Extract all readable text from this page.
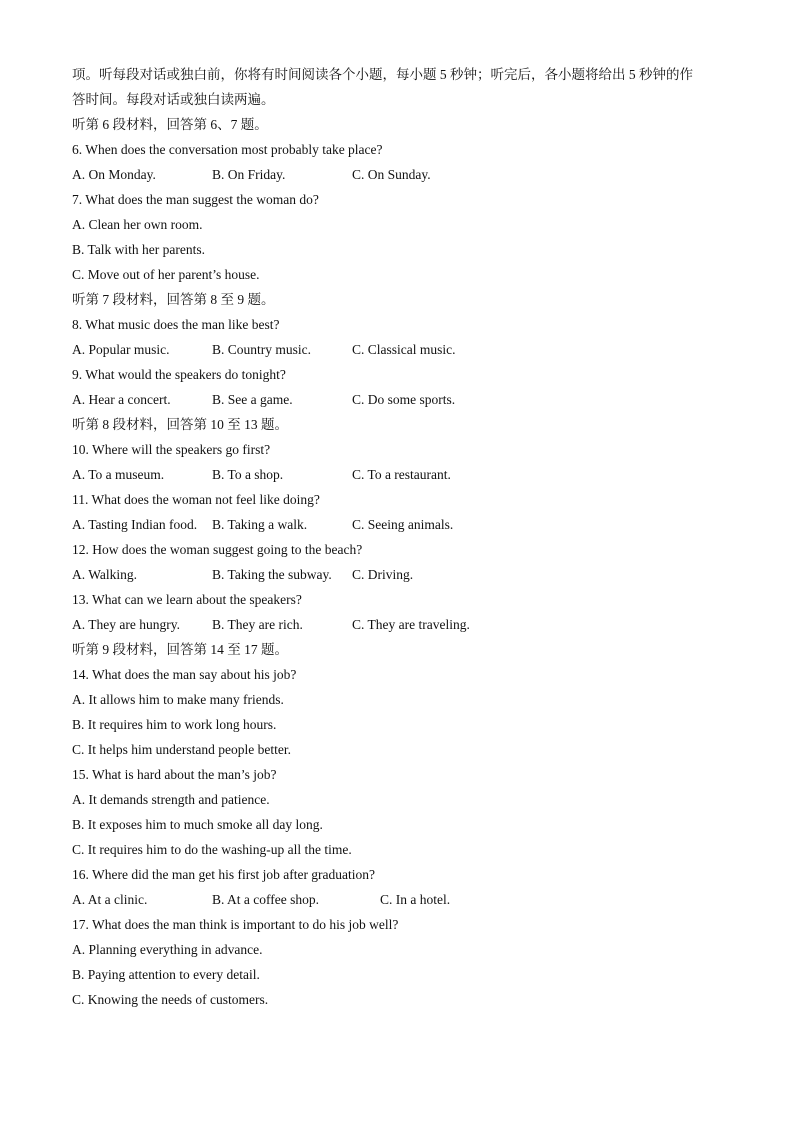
项。听每段对话或独白前，你将有时间阅读各个小题，每小题 5 秒钟；听完后，各小题将给出 5 秒钟的作
答时间。每段对话或独白读两遍。
听第 6 段材料，回答第 6、7 题。
6. When does the conversation most probably take place?
A. On Monday.	B. On Friday.	C. On Sunday.
7. What does the man suggest the woman do?
A. Clean her own room.
B. Talk with her parents.
C. Move out of her parent’s house.
听第 7 段材料，回答第 8 至 9 题。
8. What music does the man like best?
A. Popular music.	B. Country music.	C. Classical music.
9. What would the speakers do tonight?
A. Hear a concert.	B. See a game.	C. Do some sports.
听第 8 段材料，回答第 10 至 13 题。
10. Where will the speakers go first?
A. To a museum.	B. To a shop.	C. To a restaurant.
11. What does the woman not feel like doing?
A. Tasting Indian food. B. Taking a walk.	C. Seeing animals.
12. How does the woman suggest going to the beach?
A. Walking.	B. Taking the subway. C. Driving.
13. What can we learn about the speakers?
A. They are hungry. B. They are rich.	C. They are traveling.
听第 9 段材料，回答第 14 至 17 题。
14. What does the man say about his job?
A. It allows him to make many friends.
B. It requires him to work long hours.
C. It helps him understand people better.
15. What is hard about the man’s job?
A. It demands strength and patience.
B. It exposes him to much smoke all day long.
C. It requires him to do the washing-up all the time.
16. Where did the man get his first job after graduation?
A. At a clinic.	B. At a coffee shop.	C. In a hotel.
17. What does the man think is important to do his job well?
A. Planning everything in advance.
B. Paying attention to every detail.
C. Knowing the needs of customers.
